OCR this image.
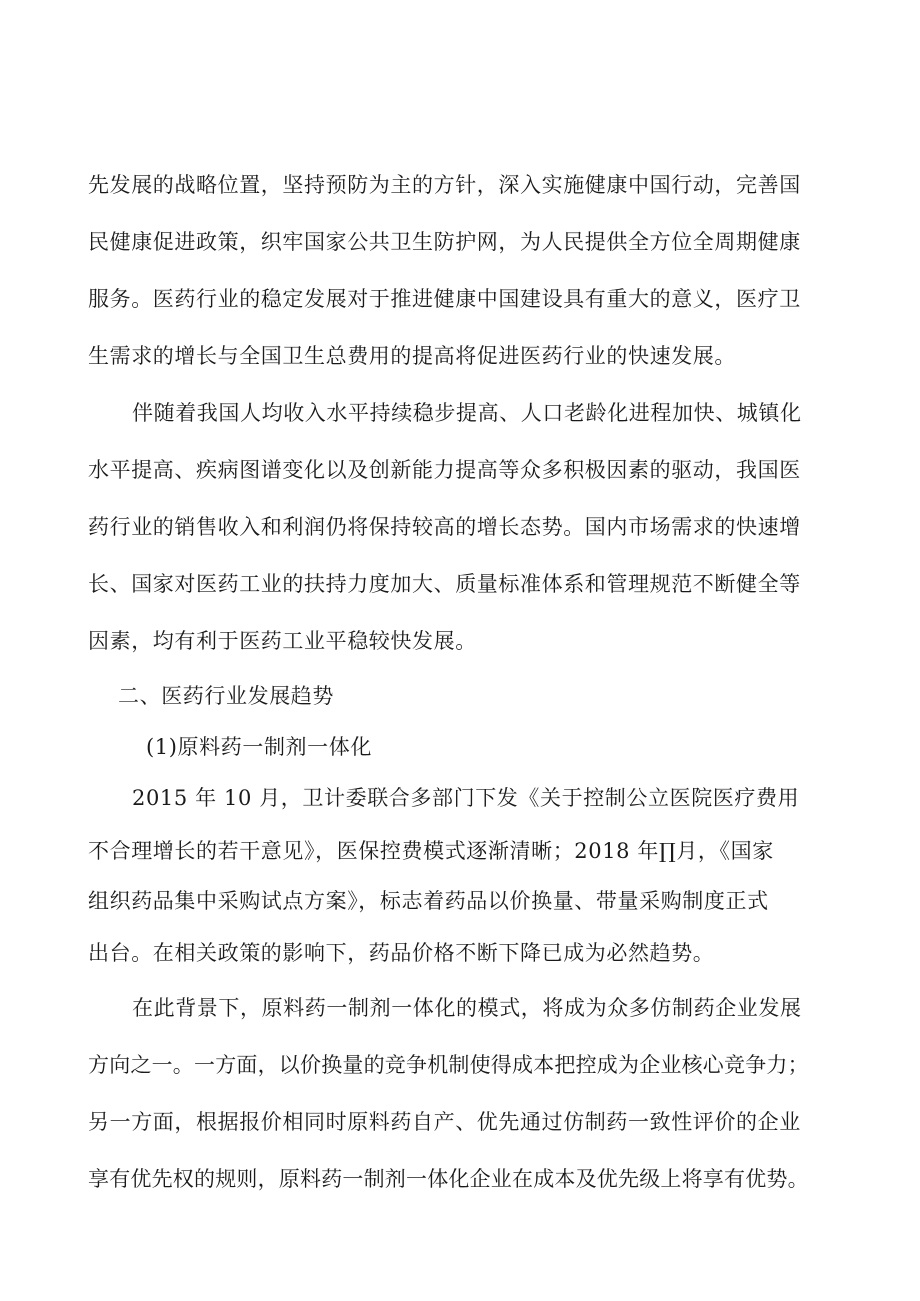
先发展的战略位置，坚持预防为主的方针，深入实施健康中国行动，完善国
民健康促进政策，织牢国家公共卫生防护网，为人民提供全方位全周期健康
服务。医药行业的稳定发展对于推进健康中国建设具有重大的意义，医疗卫
生需求的增长与全国卫生总费用的提高将促进医药行业的快速发展。
伴随着我国人均收入水平持续稳步提高、人口老龄化进程加快、城镇化
水平提高、疾病图谱变化以及创新能力提高等众多积极因素的驱动，我国医
药行业的销售收入和利润仍将保持较高的增长态势。国内市场需求的快速增
长、国家对医药工业的扶持力度加大、质量标准体系和管理规范不断健全等
因素，均有利于医药工业平稳较快发展。
二、医药行业发展趋势
(1)原料药一制剂一体化
2015 年 10 月，卫计委联合多部门下发《关于控制公立医院医疗费用
不合理增长的若干意见》，医保控费模式逐渐清晰；2018 年∏月，《国家
组织药品集中采购试点方案》，标志着药品以价换量、带量采购制度正式
出台。在相关政策的影响下，药品价格不断下降已成为必然趋势。
在此背景下，原料药一制剂一体化的模式，将成为众多仿制药企业发展
方向之一。一方面，以价换量的竞争机制使得成本把控成为企业核心竞争力；
另一方面，根据报价相同时原料药自产、优先通过仿制药一致性评价的企业
享有优先权的规则，原料药一制剂一体化企业在成本及优先级上将享有优势。
